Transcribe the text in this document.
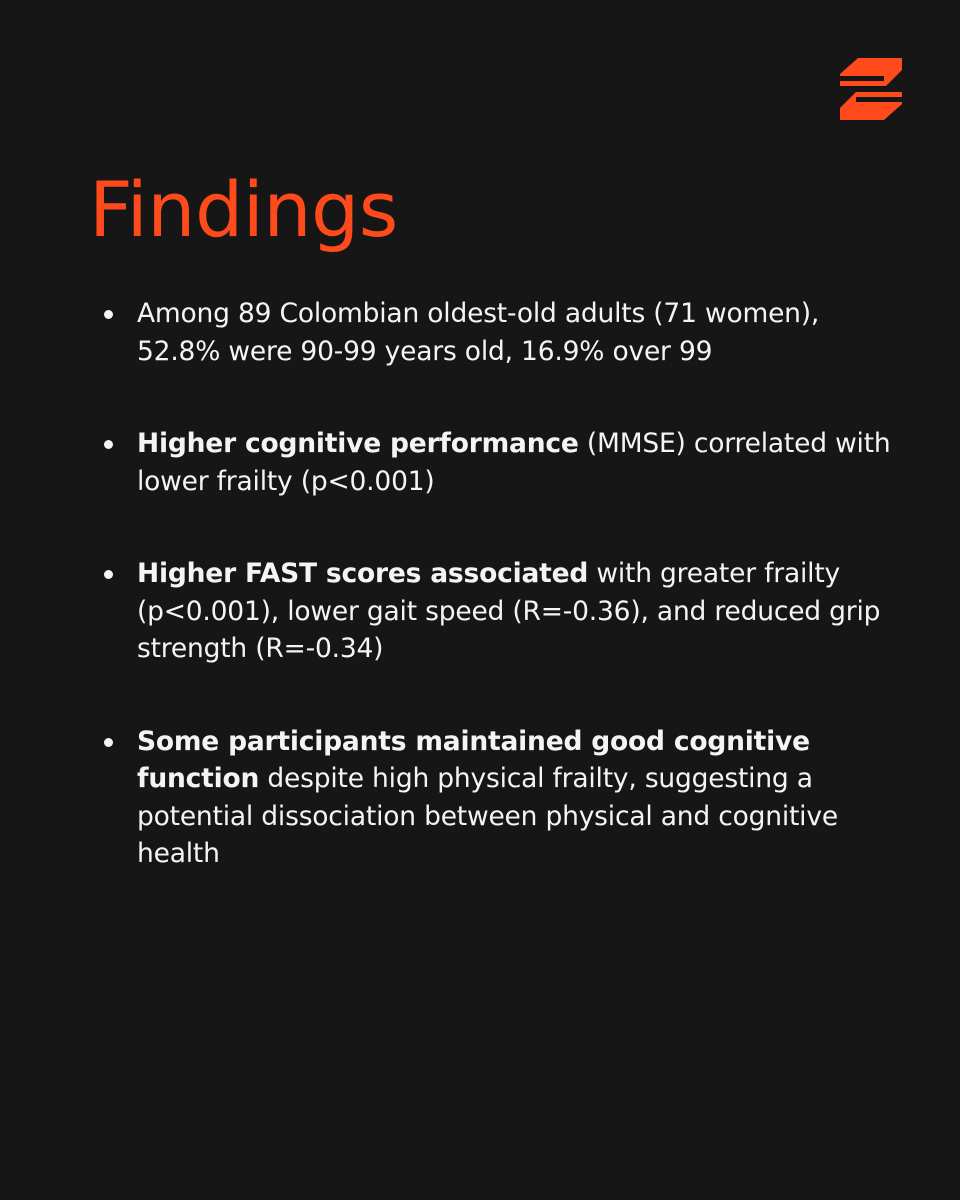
Findings
Among 89 Colombian oldest-old adults (71 women), 52.8% were 90-99 years old, 16.9% over 99
Higher cognitive performance (MMSE) correlated with lower frailty (p<0.001)
Higher FAST scores associated with greater frailty (p<0.001), lower gait speed (R=-0.36), and reduced grip strength (R=-0.34)
Some participants maintained good cognitive function despite high physical frailty, suggesting a potential dissociation between physical and cognitive health
